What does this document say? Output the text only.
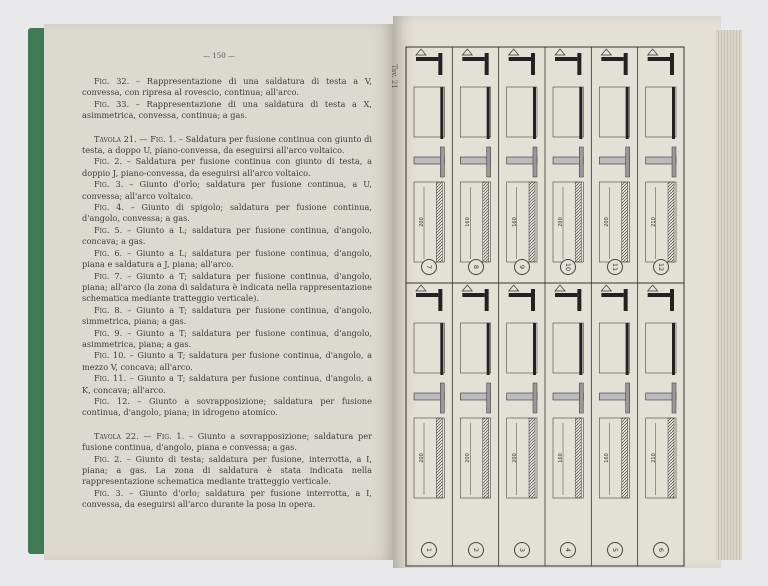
— 150 —

Fig. 32. – Rappresentazione di una saldatura di testa a V, convessa, con ripresa al rovescio, continua; all'arco.

Fig. 33. – Rappresentazione di una saldatura di testa a X, asimmetrica, convessa, continua; a gas.

Tavola 21. — Fig. 1. – Saldatura per fusione continua con giunto di testa, a doppo U, piano-convessa, da eseguirsi all'arco voltaico.

Fig. 2. – Saldatura per fusione continua con giunto di testa, a doppio J, piano-convessa, da eseguirsi all'arco voltaico.

Fig. 3. – Giunto d'orlo; saldatura per fusione continua, a U, convessa; all'arco voltaico.

Fig. 4. – Giunto di spigolo; saldatura per fusione continua, d'angolo, convessa; a gas.

Fig. 5. – Giunto a L; saldatura per fusione continua, d'angolo, concava; a gas.

Fig. 6. – Giunto a L; saldatura per fusione continua, d'angolo, piana e saldatura a J, piana; all'arco.

Fig. 7. – Giunto a T; saldatura per fusione continua, d'angolo, piana; all'arco (la zona di saldatura è indicata nella rappresentazione schematica mediante tratteggio verticale).

Fig. 8. – Giunto a T; saldatura per fusione continua, d'angolo, simmetrica, piana; a gas.

Fig. 9. – Giunto a T; saldatura per fusione continua, d'angolo, asimmetrica, piana; a gas.

Fig. 10. – Giunto a T; saldatura per fusione continua, d'angolo, a mezzo V, concava; all'arco.

Fig. 11. – Giunto a T; saldatura per fusione continua, d'angolo, a K, concava; all'arco.

Fig. 12. – Giunto a sovrapposizione; saldatura per fusione continua, d'angolo, piana; in idrogeno atomico.

Tavola 22. — Fig. 1. – Giunto a sovrapposizione; saldatura per fusione continua, d'angolo, piana e convessa; a gas.

Fig. 2. – Giunto di testa; saldatura per fusione, interrotta, a I, piana; a gas. La zona di saldatura è stata indicata nella rappresentazione schematica mediante tratteggio verticale.

Fig. 3. – Giunto d'orlo; saldatura per fusione interrotta, a I, convessa, da eseguirsi all'arco durante la posa in opera.

Tav. 21
200
7
200
1
160
8
200
2
160
9
200
3
200
10
160
4
200
11
160
5
210
12
210
6
